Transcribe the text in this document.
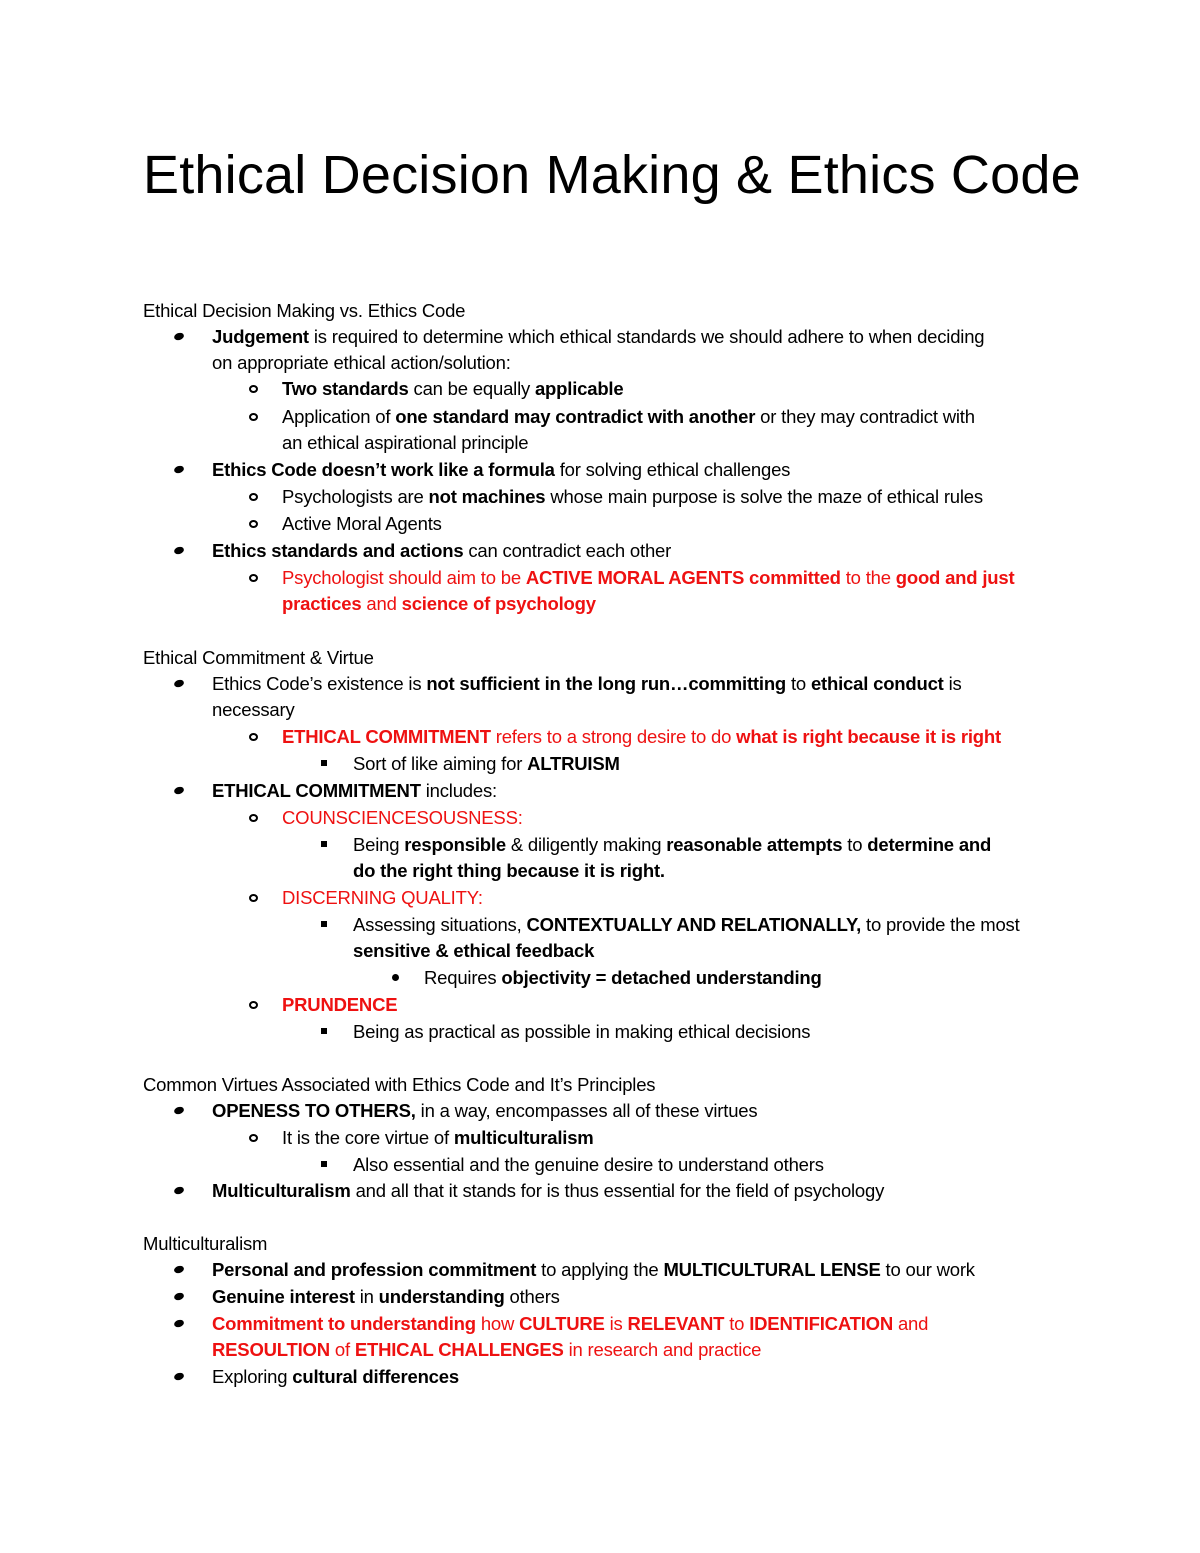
Ethical Decision Making & Ethics Code
Ethical Decision Making vs. Ethics Code
Judgement is required to determine which ethical standards we should adhere to when deciding
on appropriate ethical action/solution:
Two standards can be equally applicable
Application of one standard may contradict with another or they may contradict with
an ethical aspirational principle
Ethics Code doesn’t work like a formula for solving ethical challenges
Psychologists are not machines whose main purpose is solve the maze of ethical rules
Active Moral Agents
Ethics standards and actions can contradict each other
Psychologist should aim to be ACTIVE MORAL AGENTS committed to the good and just
practices and science of psychology
Ethical Commitment & Virtue
Ethics Code’s existence is not sufficient in the long run…committing to ethical conduct is
necessary
ETHICAL COMMITMENT refers to a strong desire to do what is right because it is right
Sort of like aiming for ALTRUISM
ETHICAL COMMITMENT includes:
COUNSCIENCESOUSNESS:
Being responsible & diligently making reasonable attempts to determine and
do the right thing because it is right.
DISCERNING QUALITY:
Assessing situations, CONTEXTUALLY AND RELATIONALLY, to provide the most
sensitive & ethical feedback
Requires objectivity = detached understanding
PRUNDENCE
Being as practical as possible in making ethical decisions
Common Virtues Associated with Ethics Code and It’s Principles
OPENESS TO OTHERS, in a way, encompasses all of these virtues
It is the core virtue of multiculturalism
Also essential and the genuine desire to understand others
Multiculturalism and all that it stands for is thus essential for the field of psychology
Multiculturalism
Personal and profession commitment to applying the MULTICULTURAL LENSE to our work
Genuine interest in understanding others
Commitment to understanding how CULTURE is RELEVANT to IDENTIFICATION and
RESOULTION of ETHICAL CHALLENGES in research and practice
Exploring cultural differences
